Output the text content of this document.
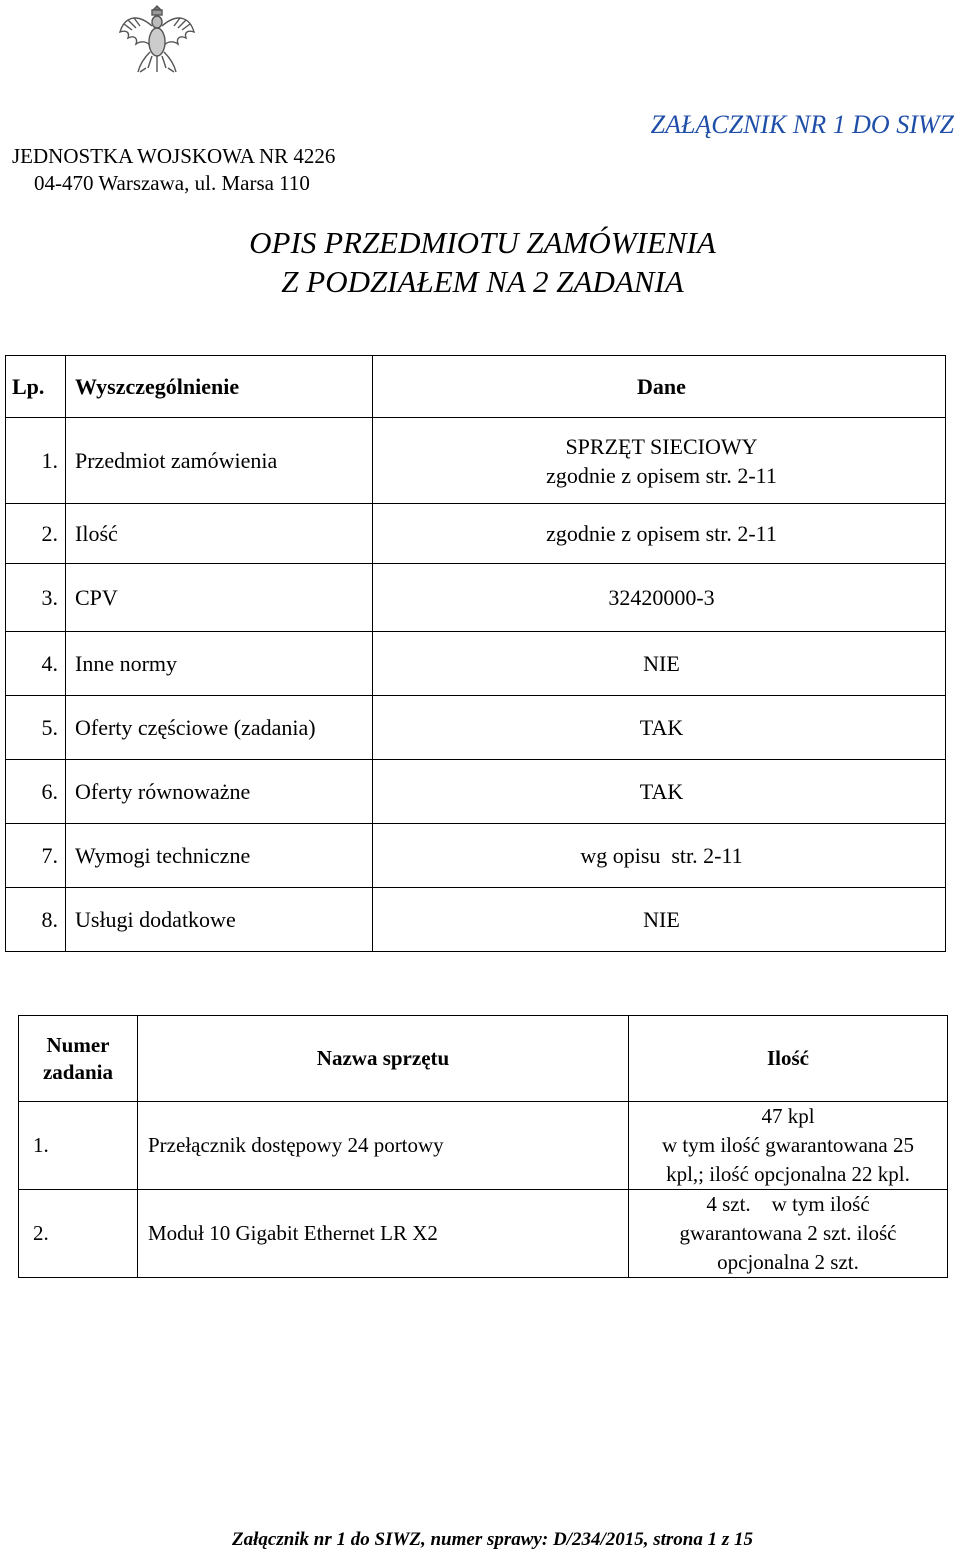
ZAŁĄCZNIK NR 1 DO SIWZ
JEDNOSTKA WOJSKOWA NR 4226
04-470 Warszawa, ul. Marsa 110
OPIS PRZEDMIOTU ZAMÓWIENIA
Z PODZIAŁEM NA 2 ZADANIA
Lp.	Wyszczególnienie	Dane
1.	Przedmiot zamówienia	SPRZĘT SIECIOWY
zgodnie z opisem str. 2-11

2.	Ilość	zgodnie z opisem str. 2-11
3.	CPV	32420000-3
4.	Inne normy	NIE
5.	Oferty częściowe (zadania)	TAK
6.	Oferty równoważne	TAK
7.	Wymogi techniczne	wg opisu  str. 2-11
8.	Usługi dodatkowe	NIE
Numer zadania	Nazwa sprzętu	Ilość
1.	Przełącznik dostępowy 24 portowy	47 kpl
w tym ilość gwarantowana 25
kpl,; ilość opcjonalna 22 kpl.

2.	Moduł 10 Gigabit Ethernet LR X2	4 szt.    w tym ilość
gwarantowana 2 szt. ilość
opcjonalna 2 szt.
Załącznik nr 1 do SIWZ, numer sprawy: D/234/2015, strona 1 z 15
